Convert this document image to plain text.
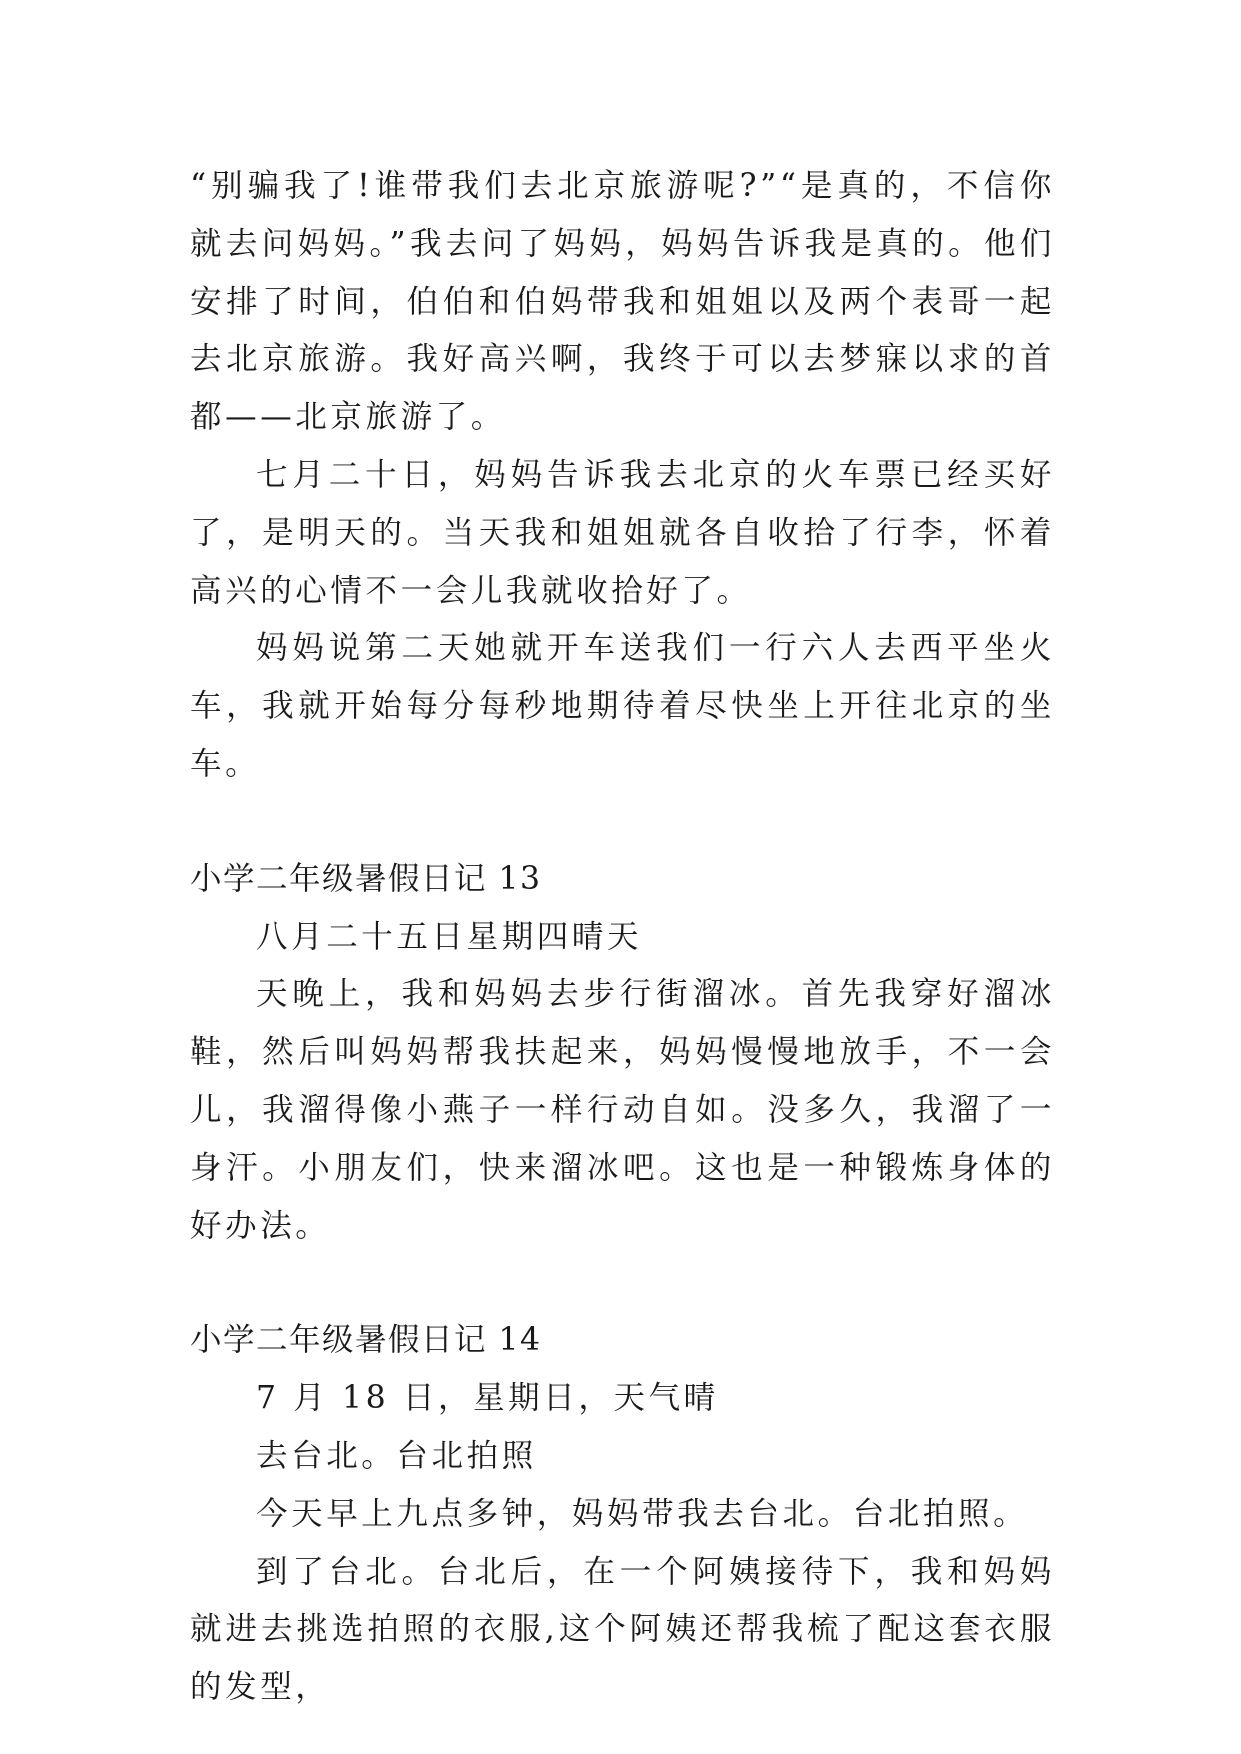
“别骗我了!谁带我们去北京旅游呢?”“是真的，不信你就去问妈妈。”我去问了妈妈，妈妈告诉我是真的。他们安排了时间，伯伯和伯妈带我和姐姐以及两个表哥一起去北京旅游。我好高兴啊，我终于可以去梦寐以求的首都——北京旅游了。

七月二十日，妈妈告诉我去北京的火车票已经买好了，是明天的。当天我和姐姐就各自收拾了行李，怀着高兴的心情不一会儿我就收拾好了。

妈妈说第二天她就开车送我们一行六人去西平坐火车，我就开始每分每秒地期待着尽快坐上开往北京的坐车。

小学二年级暑假日记 13

八月二十五日星期四晴天

天晚上，我和妈妈去步行街溜冰。首先我穿好溜冰鞋，然后叫妈妈帮我扶起来，妈妈慢慢地放手，不一会儿，我溜得像小燕子一样行动自如。没多久，我溜了一身汗。小朋友们，快来溜冰吧。这也是一种锻炼身体的好办法。

小学二年级暑假日记 14

7 月 18 日，星期日，天气晴

去台北。台北拍照

今天早上九点多钟，妈妈带我去台北。台北拍照。

到了台北。台北后，在一个阿姨接待下，我和妈妈就进去挑选拍照的衣服,这个阿姨还帮我梳了配这套衣服的发型，
